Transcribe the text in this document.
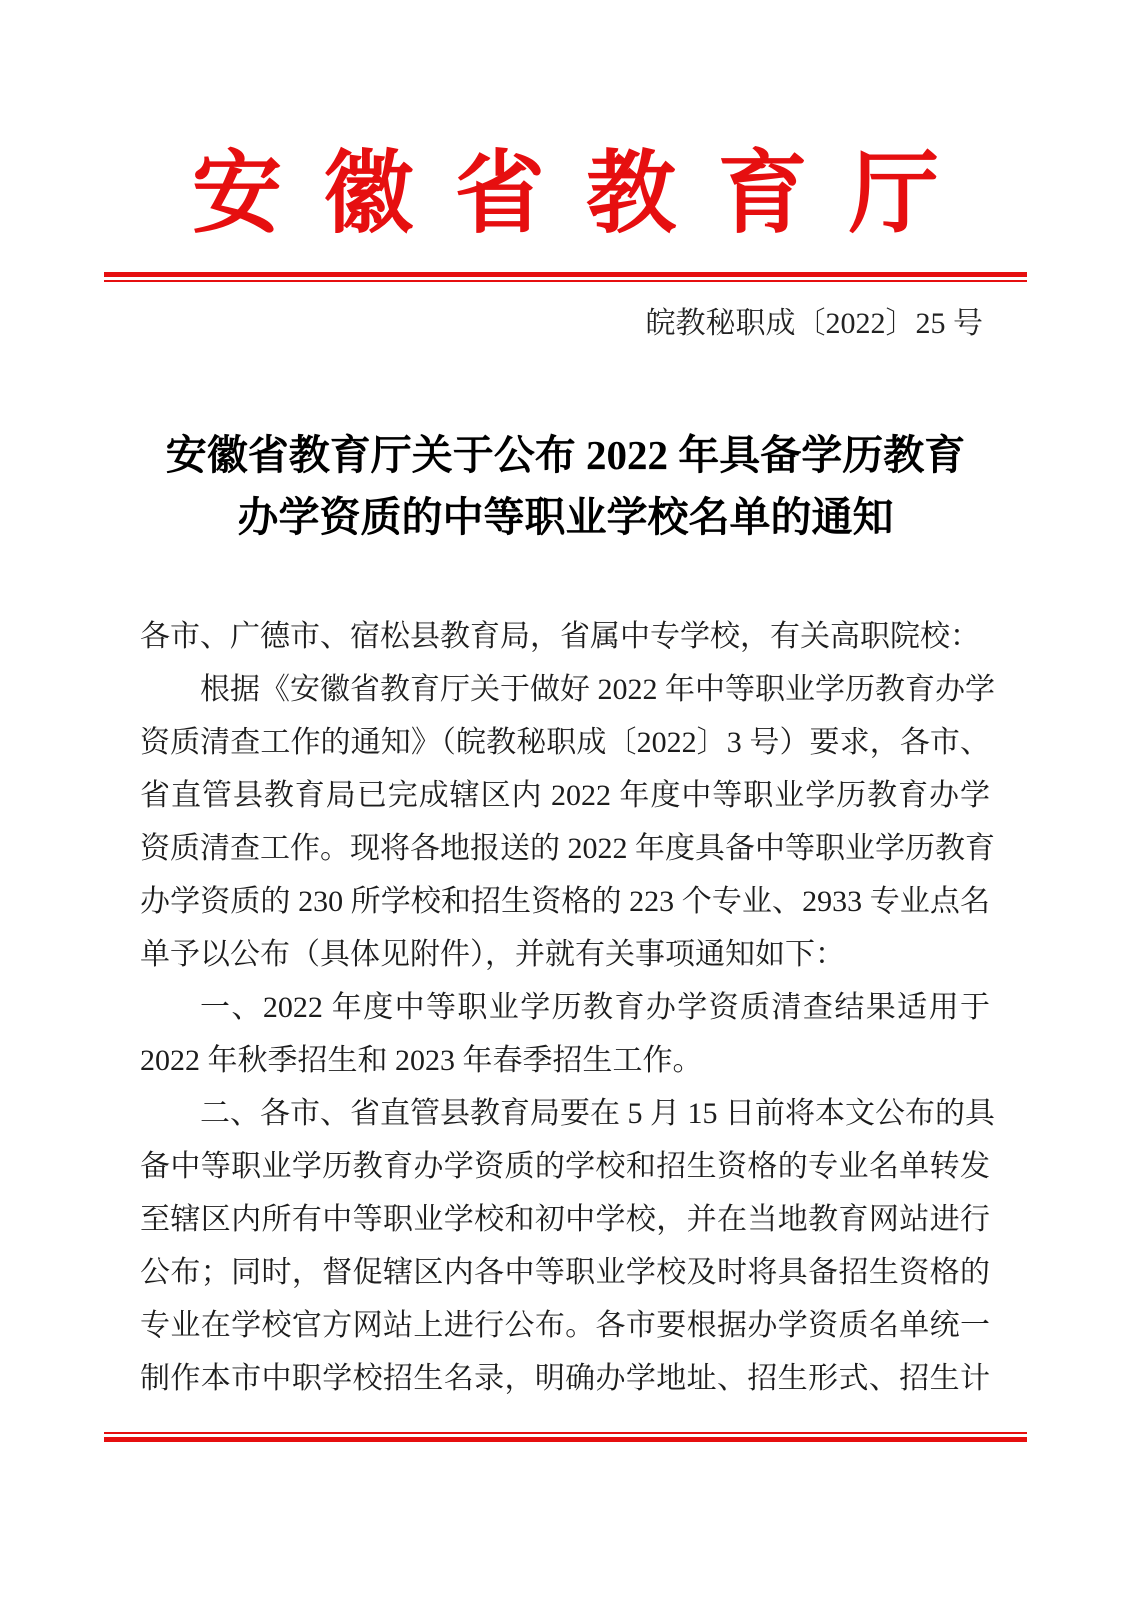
安徽省教育厅
皖教秘职成〔2022〕25 号
安徽省教育厅关于公布 2022 年具备学历教育
办学资质的中等职业学校名单的通知
各市、广德市、宿松县教育局，省属中专学校，有关高职院校：
根据《安徽省教育厅关于做好 2022 年中等职业学历教育办学
资质清查工作的通知》（皖教秘职成〔2022〕3 号）要求，各市、
省直管县教育局已完成辖区内 2022 年度中等职业学历教育办学
资质清查工作。现将各地报送的 2022 年度具备中等职业学历教育
办学资质的 230 所学校和招生资格的 223 个专业、2933 专业点名
单予以公布（具体见附件），并就有关事项通知如下：
一、2022 年度中等职业学历教育办学资质清查结果适用于
2022 年秋季招生和 2023 年春季招生工作。
二、各市、省直管县教育局要在 5 月 15 日前将本文公布的具
备中等职业学历教育办学资质的学校和招生资格的专业名单转发
至辖区内所有中等职业学校和初中学校，并在当地教育网站进行
公布；同时，督促辖区内各中等职业学校及时将具备招生资格的
专业在学校官方网站上进行公布。各市要根据办学资质名单统一
制作本市中职学校招生名录，明确办学地址、招生形式、招生计
